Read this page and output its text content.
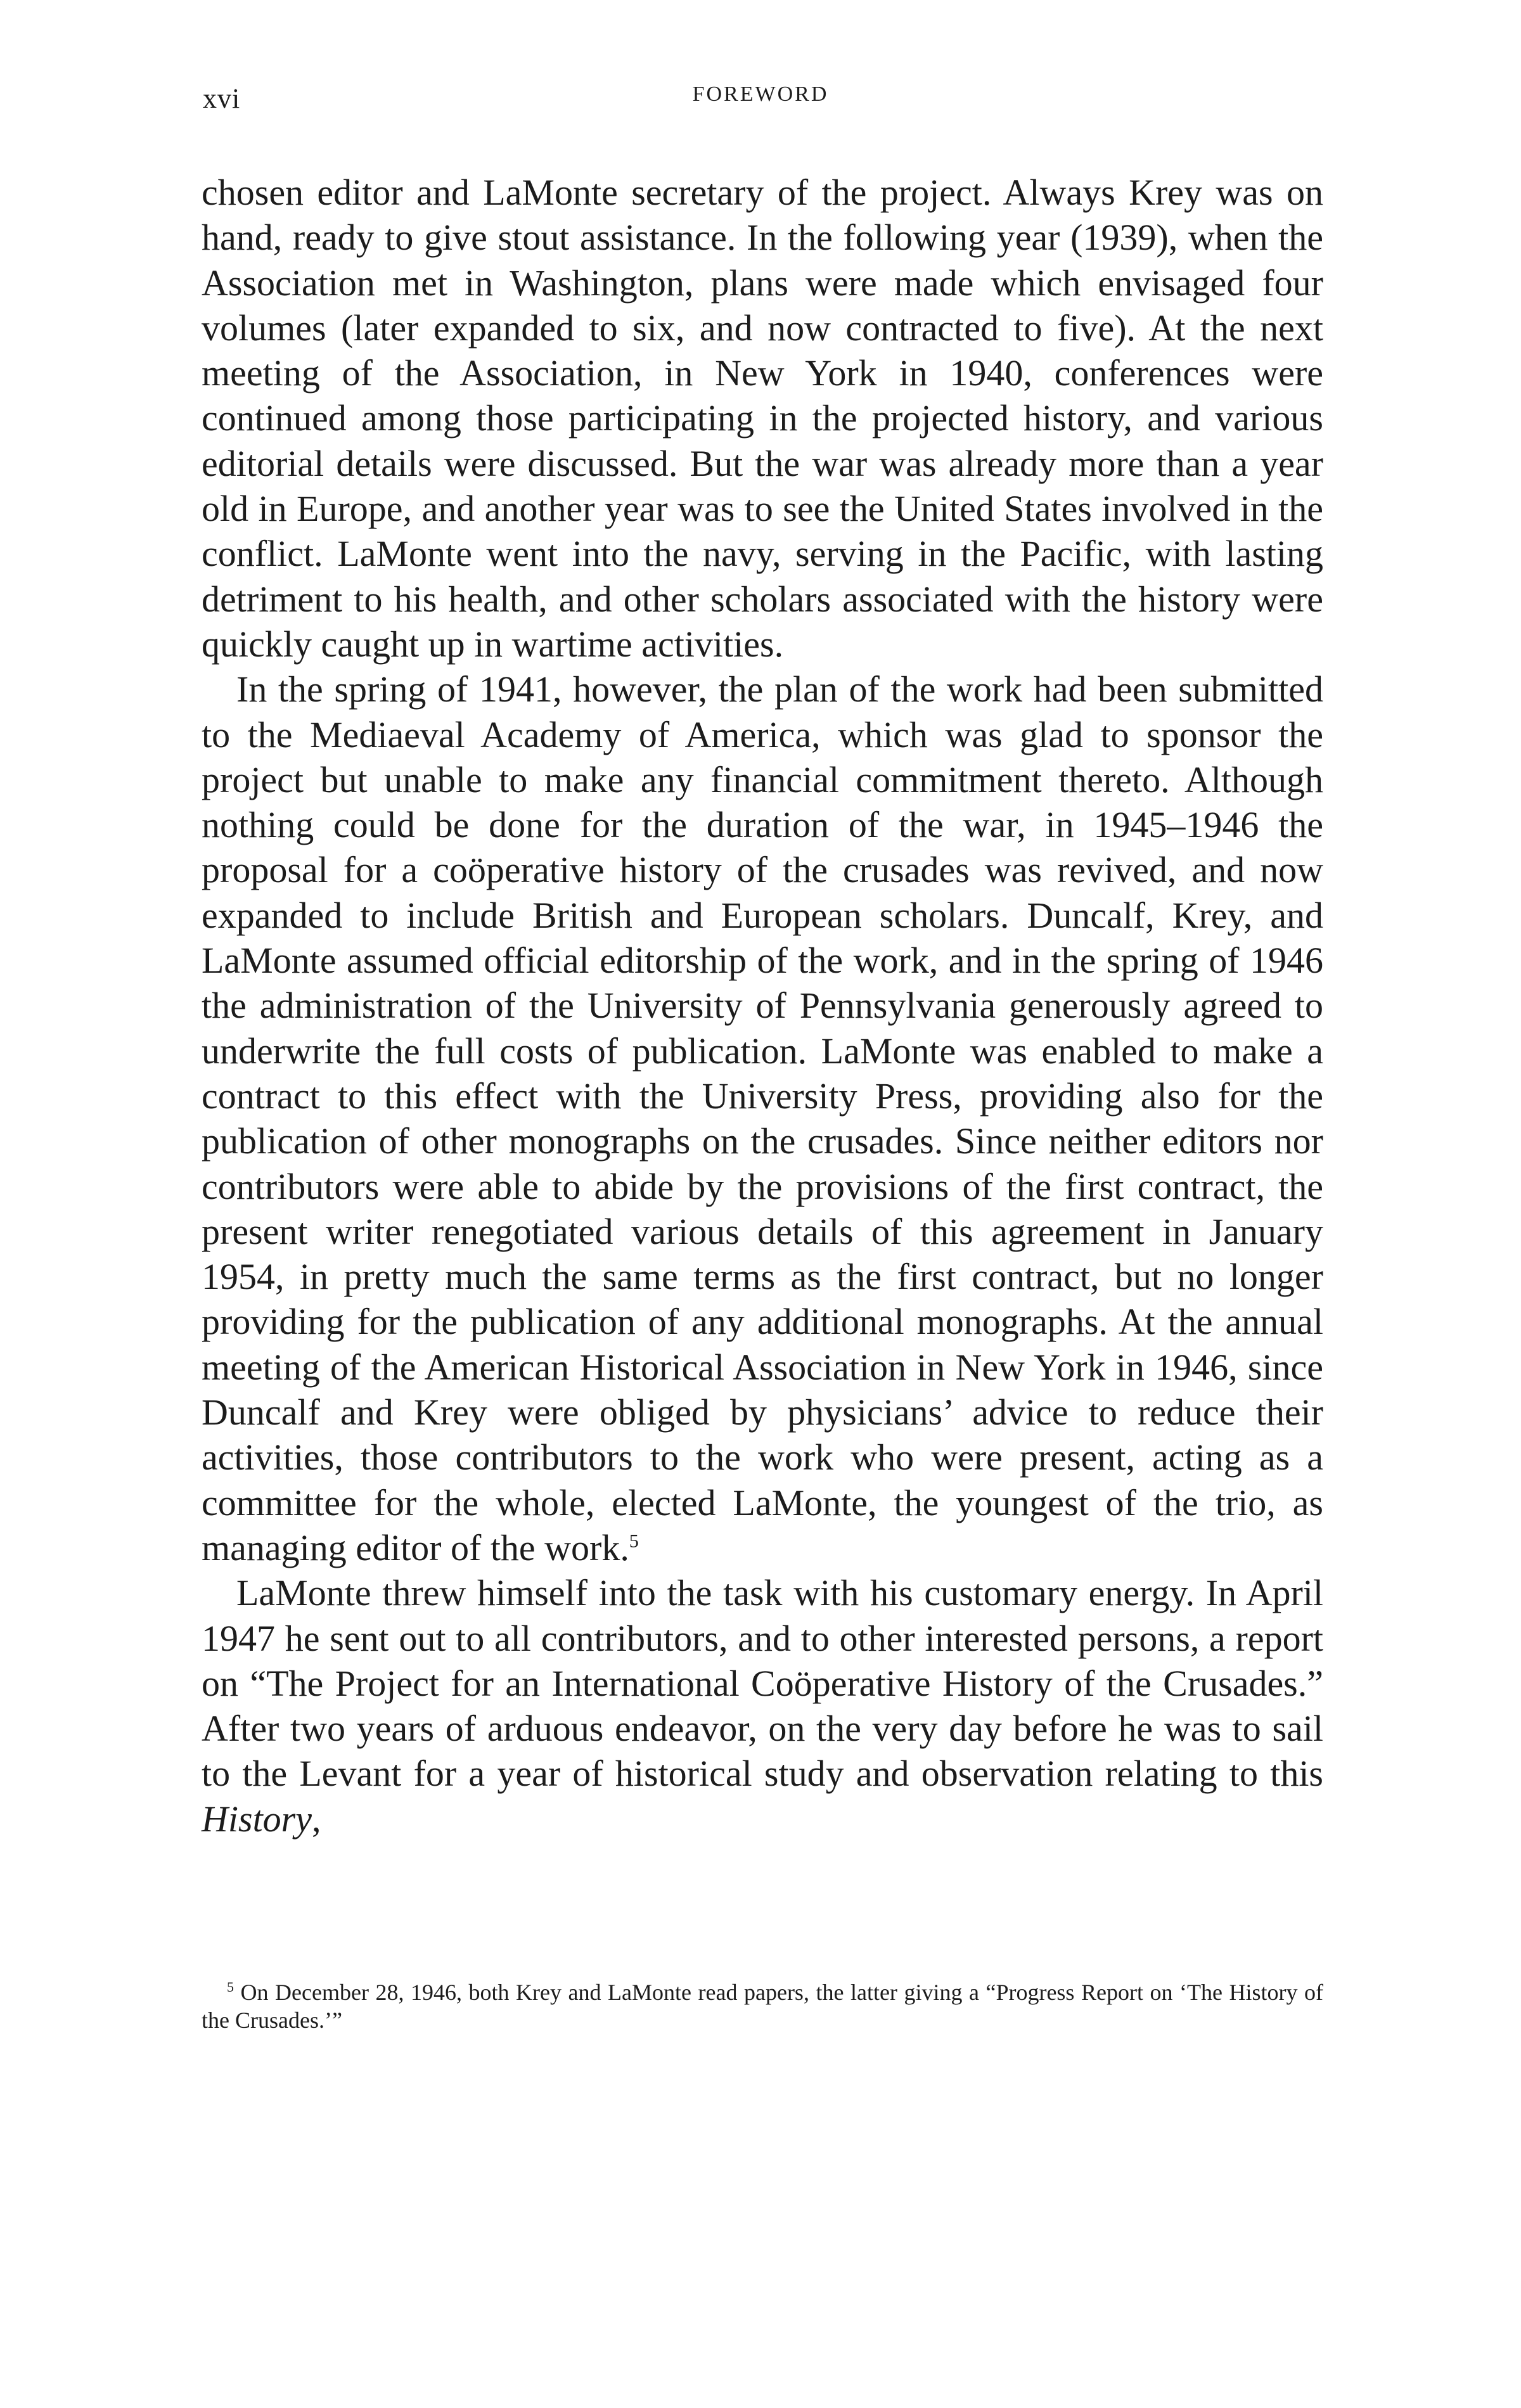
xvi	FOREWORD

chosen editor and LaMonte secretary of the project. Always Krey was on hand, ready to give stout assistance. In the following year (1939), when the Association met in Washington, plans were made which envisaged four volumes (later expanded to six, and now contracted to five). At the next meeting of the Association, in New York in 1940, conferences were continued among those participating in the projected history, and various editorial details were discussed. But the war was already more than a year old in Europe, and another year was to see the United States involved in the conflict. LaMonte went into the navy, serving in the Pacific, with lasting detriment to his health, and other scholars associated with the history were quickly caught up in wartime activities.

In the spring of 1941, however, the plan of the work had been submitted to the Mediaeval Academy of America, which was glad to sponsor the project but unable to make any financial commitment thereto. Although nothing could be done for the duration of the war, in 1945–1946 the proposal for a coöperative history of the crusades was revived, and now expanded to include British and European scholars. Duncalf, Krey, and LaMonte assumed official editorship of the work, and in the spring of 1946 the administration of the University of Pennsylvania generously agreed to underwrite the full costs of publication. LaMonte was enabled to make a contract to this effect with the University Press, providing also for the publication of other monographs on the crusades. Since neither editors nor contributors were able to abide by the provisions of the first contract, the present writer renegotiated various details of this agreement in January 1954, in pretty much the same terms as the first contract, but no longer providing for the publication of any additional monographs. At the annual meeting of the American Historical Association in New York in 1946, since Duncalf and Krey were obliged by physicians’ advice to reduce their activities, those contributors to the work who were present, acting as a committee for the whole, elected LaMonte, the youngest of the trio, as managing editor of the work.$^5$

LaMonte threw himself into the task with his customary energy. In April 1947 he sent out to all contributors, and to other interested persons, a report on “The Project for an International Coöperative History of the Crusades.” After two years of arduous endeavor, on the very day before he was to sail to the Levant for a year of historical study and observation relating to this History,

$^5$ On December 28, 1946, both Krey and LaMonte read papers, the latter giving a “Progress Report on ‘The History of the Crusades.’”
